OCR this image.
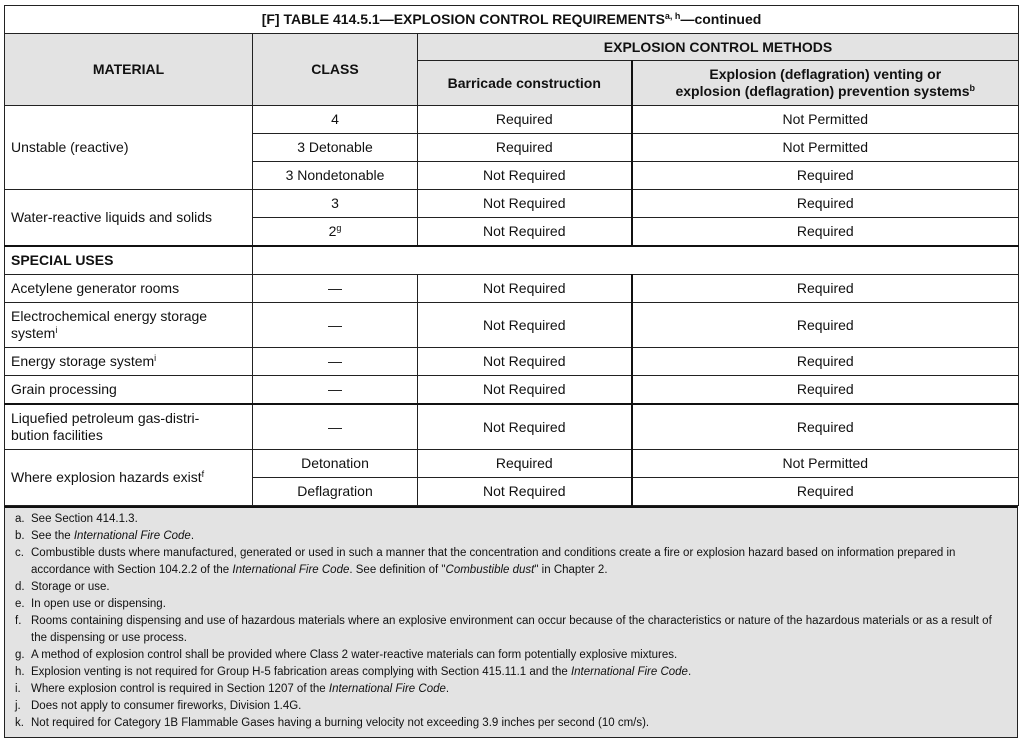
[F] TABLE 414.5.1—EXPLOSION CONTROL REQUIREMENTS$^{a, h}$—continued			
MATERIAL	CLASS	EXPLOSION CONTROL METHODS	
		Barricade construction	Explosion (deflagration) venting or
explosion (deflagration) prevention systems$^b$
Unstable (reactive)	4	Required	Not Permitted
	3 Detonable	Required	Not Permitted
	3 Nondetonable	Not Required	Required
Water-reactive liquids and solids	3	Not Required	Required
	2$^g$	Not Required	Required
SPECIAL USES			
Acetylene generator rooms	—	Not Required	Required
Electrochemical energy storage
system$^i$	—	Not Required	Required
Energy storage system$^i$	—	Not Required	Required
Grain processing	—	Not Required	Required
Liquefied petroleum gas-distri-
bution facilities	—	Not Required	Required
Where explosion hazards exist$^f$	Detonation	Required	Not Permitted
	Deflagration	Not Required	Required
a. See Section 414.1.3.
b. See the International Fire Code.
c. Combustible dusts where manufactured, generated or used in such a manner that the concentration and conditions create a fire or explosion hazard based on information prepared in accordance with Section 104.2.2 of the International Fire Code. See definition of "Combustible dust" in Chapter 2.
d. Storage or use.
e. In open use or dispensing.
f. Rooms containing dispensing and use of hazardous materials where an explosive environment can occur because of the characteristics or nature of the hazardous materials or as a result of the dispensing or use process.
g. A method of explosion control shall be provided where Class 2 water-reactive materials can form potentially explosive mixtures.
h. Explosion venting is not required for Group H-5 fabrication areas complying with Section 415.11.1 and the International Fire Code.
i. Where explosion control is required in Section 1207 of the International Fire Code.
j. Does not apply to consumer fireworks, Division 1.4G.
k. Not required for Category 1B Flammable Gases having a burning velocity not exceeding 3.9 inches per second (10 cm/s).
